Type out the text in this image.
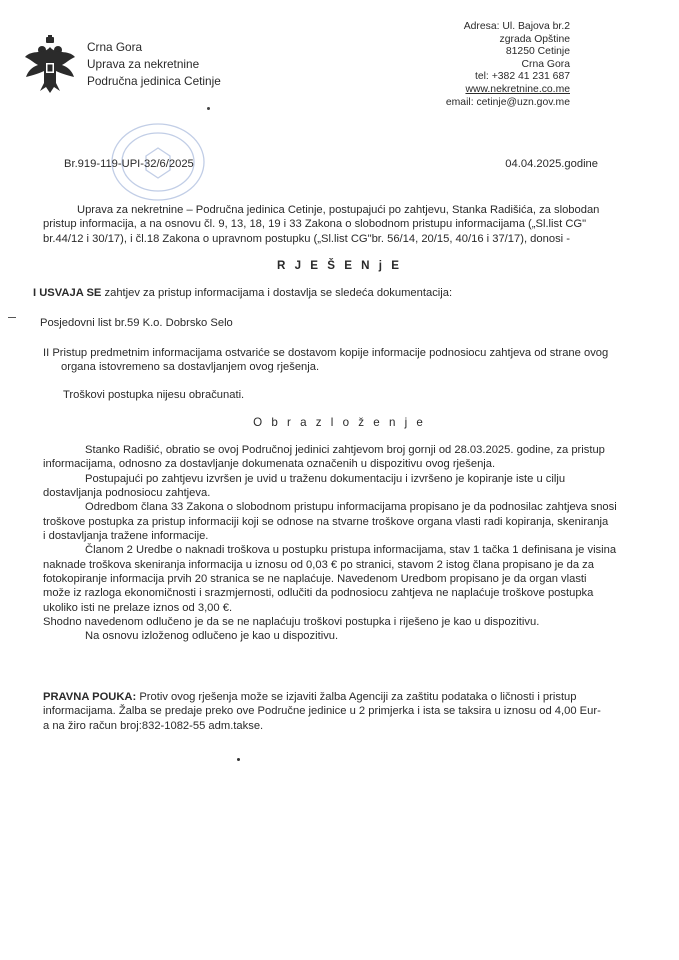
Crna Gora
Uprava za nekretnine
Područna jedinica Cetinje
Adresa: Ul. Bajova br.2
zgrada Opštine
81250 Cetinje
Crna Gora
tel: +382 41 231 687
www.nekretnine.co.me
email: cetinje@uzn.gov.me
Br.919-119-UPI-32/6/2025	04.04.2025.godine
Uprava za nekretnine – Područna jedinica Cetinje, postupajući po zahtjevu, Stanka Radišića, za slobodan
pristup informacija, a na osnovu čl. 9, 13, 18, 19 i 33 Zakona o slobodnom pristupu informacijama („Sl.list CG"
br.44/12 i 30/17), i čl.18 Zakona o upravnom postupku („Sl.list CG"br. 56/14, 20/15, 40/16 i 37/17), donosi -
R J E Š E N j E
I USVAJA SE zahtjev za pristup informacijama i dostavlja se sledeća dokumentacija:
Posjedovni list br.59 K.o. Dobrsko Selo
II Pristup predmetnim informacijama ostvariće se dostavom kopije informacije podnosiocu zahtjeva od strane ovog
organa istovremeno sa dostavljanjem ovog rješenja.
Troškovi postupka nijesu obračunati.
O b r a z l o ž e n j e
Stanko Radišić, obratio se ovoj Područnoj jedinici zahtjevom broj gornji od 28.03.2025. godine, za pristup
informacijama, odnosno za dostavljanje dokumenata označenih u dispozitivu ovog rješenja.
Postupajući po zahtjevu izvršen je uvid u traženu dokumentaciju i izvršeno je kopiranje iste u cilju
dostavljanja podnosiocu zahtjeva.
Odredbom člana 33 Zakona o slobodnom pristupu informacijama propisano je da podnosilac zahtjeva snosi
troškove postupka za pristup informaciji koji se odnose na stvarne troškove organa vlasti radi kopiranja, skeniranja
i dostavljanja tražene informacije.
Članom 2 Uredbe o naknadi troškova u postupku pristupa informacijama, stav 1 tačka 1 definisana je visina
naknade troškova skeniranja informacija u iznosu od 0,03 € po stranici, stavom 2 istog člana propisano je da za
fotokopiranje informacija prvih 20 stranica se ne naplaćuje. Navedenom Uredbom propisano je da organ vlasti
može iz razloga ekonomičnosti i srazmjernosti, odlučiti da podnosiocu zahtjeva ne naplaćuje troškove postupka
ukoliko isti ne prelaze iznos od 3,00 €.
Shodno navedenom odlučeno je da se ne naplaćuju troškovi postupka i riješeno je kao u dispozitivu.
Na osnovu izloženog odlučeno je kao u dispozitivu.
PRAVNA POUKA: Protiv ovog rješenja može se izjaviti žalba Agenciji za zaštitu podataka o ličnosti i pristup
informacijama. Žalba se predaje preko ove Područne jedinice u 2 primjerka i ista se taksira u iznosu od 4,00 Eur-
a na žiro račun broj:832-1082-55 adm.takse.
